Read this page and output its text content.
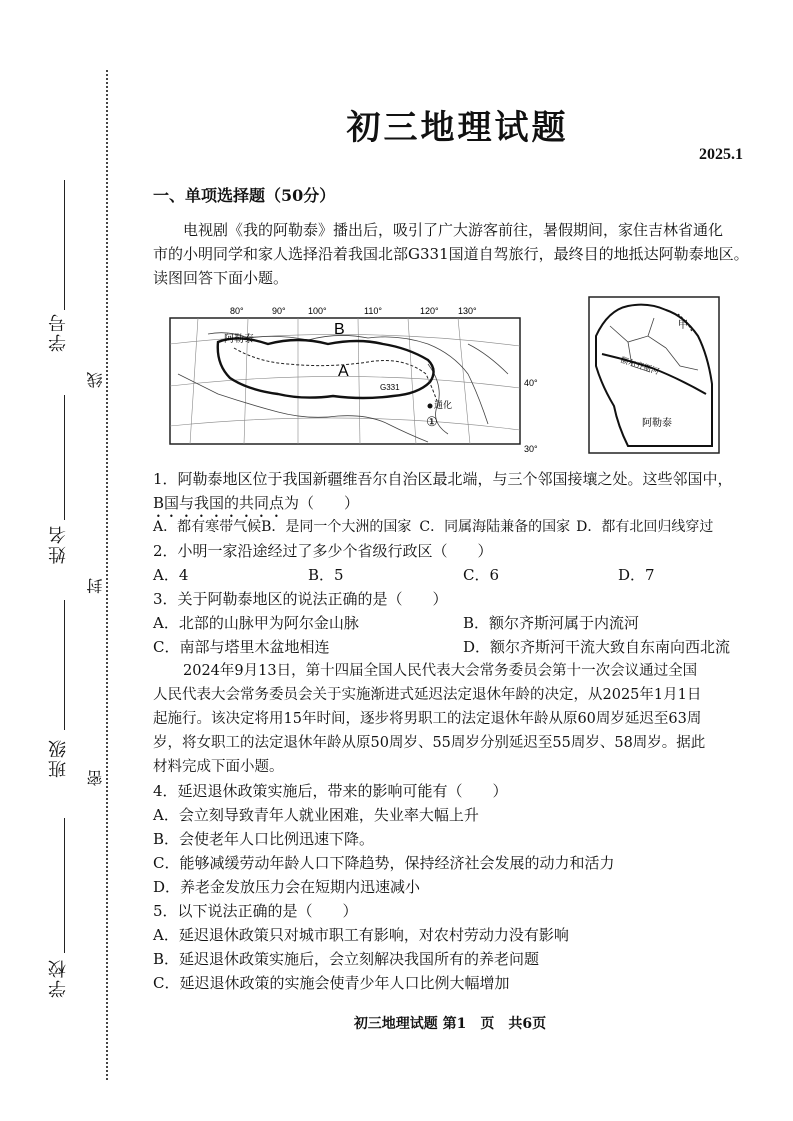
学号
姓名
班级
学校
线
封
密
初三地理试题
2025.1
一、单项选择题（50分）
电视剧《我的阿勒泰》播出后，吸引了广大游客前往，暑假期间，家住吉林省通化
市的小明同学和家人选择沿着我国北部G331国道自驾旅行，最终目的地抵达阿勒泰地区。
读图回答下面小题。
80°	90° 100°	110°	120° 130°
40°
30°
B
A
阿勒泰
G331
通化
①
甲
额尔齐斯河
阿勒泰
1．阿勒泰地区位于我国新疆维吾尔自治区最北端，与三个邻国接壤之处。这些邻国中，
B国与我国的共同点为（　　）
A．都有寒带气候B．是同一个大洲的国家 C．同属海陆兼备的国家 D．都有北回归线穿过
2．小明一家沿途经过了多少个省级行政区（　　）
A．4	B．5	C．6	D．7
3．关于阿勒泰地区的说法正确的是（　　）
A．北部的山脉甲为阿尔金山脉	B．额尔齐斯河属于内流河
C．南部与塔里木盆地相连	D．额尔齐斯河干流大致自东南向西北流
2024年9月13日，第十四届全国人民代表大会常务委员会第十一次会议通过全国
人民代表大会常务委员会关于实施渐进式延迟法定退休年龄的决定，从2025年1月1日
起施行。该决定将用15年时间，逐步将男职工的法定退休年龄从原60周岁延迟至63周
岁，将女职工的法定退休年龄从原50周岁、55周岁分别延迟至55周岁、58周岁。据此
材料完成下面小题。
4．延迟退休政策实施后，带来的影响可能有（　　）
A．会立刻导致青年人就业困难，失业率大幅上升
B．会使老年人口比例迅速下降。
C．能够减缓劳动年龄人口下降趋势，保持经济社会发展的动力和活力
D．养老金发放压力会在短期内迅速减小
5．以下说法正确的是（　　）
A．延迟退休政策只对城市职工有影响，对农村劳动力没有影响
B．延迟退休政策实施后，会立刻解决我国所有的养老问题
C．延迟退休政策的实施会使青少年人口比例大幅增加
初三地理试题 第1　页　共6页
